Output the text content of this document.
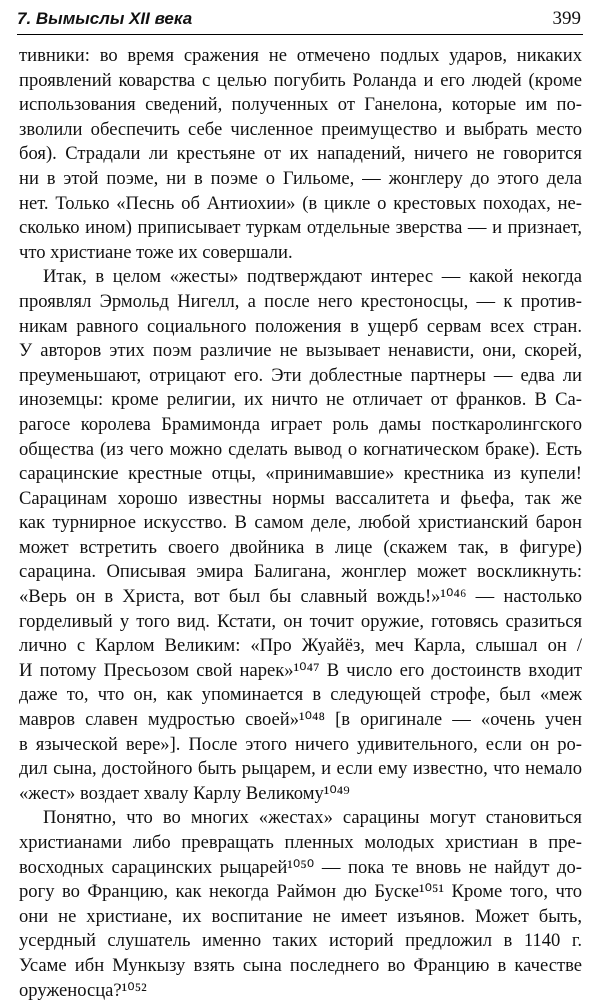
7. Вымыслы XII века	399
тивники: во время сражения не отмечено подлых ударов, никаких
проявлений коварства с целью погубить Роланда и его людей (кроме
использования сведений, полученных от Ганелона, которые им по-
зволили обеспечить себе численное преимущество и выбрать место
боя). Страдали ли крестьяне от их нападений, ничего не говорится
ни в этой поэме, ни в поэме о Гильоме, — жонглеру до этого дела
нет. Только «Песнь об Антиохии» (в цикле о крестовых походах, не-
сколько ином) приписывает туркам отдельные зверства — и признает,
что христиане тоже их совершали.
Итак, в целом «жесты» подтверждают интерес — какой некогда
проявлял Эрмольд Нигелл, а после него крестоносцы, — к против-
никам равного социального положения в ущерб сервам всех стран.
У авторов этих поэм различие не вызывает ненависти, они, скорей,
преуменьшают, отрицают его. Эти доблестные партнеры — едва ли
иноземцы: кроме религии, их ничто не отличает от франков. В Са-
рагосе королева Брамимонда играет роль дамы посткаролингского
общества (из чего можно сделать вывод о когнатическом браке). Есть
сарацинские крестные отцы, «принимавшие» крестника из купели!
Сарацинам хорошо известны нормы вассалитета и фьефа, так же
как турнирное искусство. В самом деле, любой христианский барон
может встретить своего двойника в лице (скажем так, в фигуре)
сарацина. Описывая эмира Балигана, жонглер может воскликнуть:
«Верь он в Христа, вот был бы славный вождь!»¹⁰⁴⁶ — настолько
горделивый у того вид. Кстати, он точит оружие, готовясь сразиться
лично с Карлом Великим: «Про Жуайёз, меч Карла, слышал он /
И потому Пресьозом свой нарек»¹⁰⁴⁷ В число его достоинств входит
даже то, что он, как упоминается в следующей строфе, был «меж
мавров славен мудростью своей»¹⁰⁴⁸ [в оригинале — «очень учен
в языческой вере»]. После этого ничего удивительного, если он ро-
дил сына, достойного быть рыцарем, и если ему известно, что немало
«жест» воздает хвалу Карлу Великому¹⁰⁴⁹
Понятно, что во многих «жестах» сарацины могут становиться
христианами либо превращать пленных молодых христиан в пре-
восходных сарацинских рыцарей¹⁰⁵⁰ — пока те вновь не найдут до-
рогу во Францию, как некогда Раймон дю Буске¹⁰⁵¹ Кроме того, что
они не христиане, их воспитание не имеет изъянов. Может быть,
усердный слушатель именно таких историй предложил в 1140 г.
Усаме ибн Мункызу взять сына последнего во Францию в качестве
оруженосца?¹⁰⁵²
